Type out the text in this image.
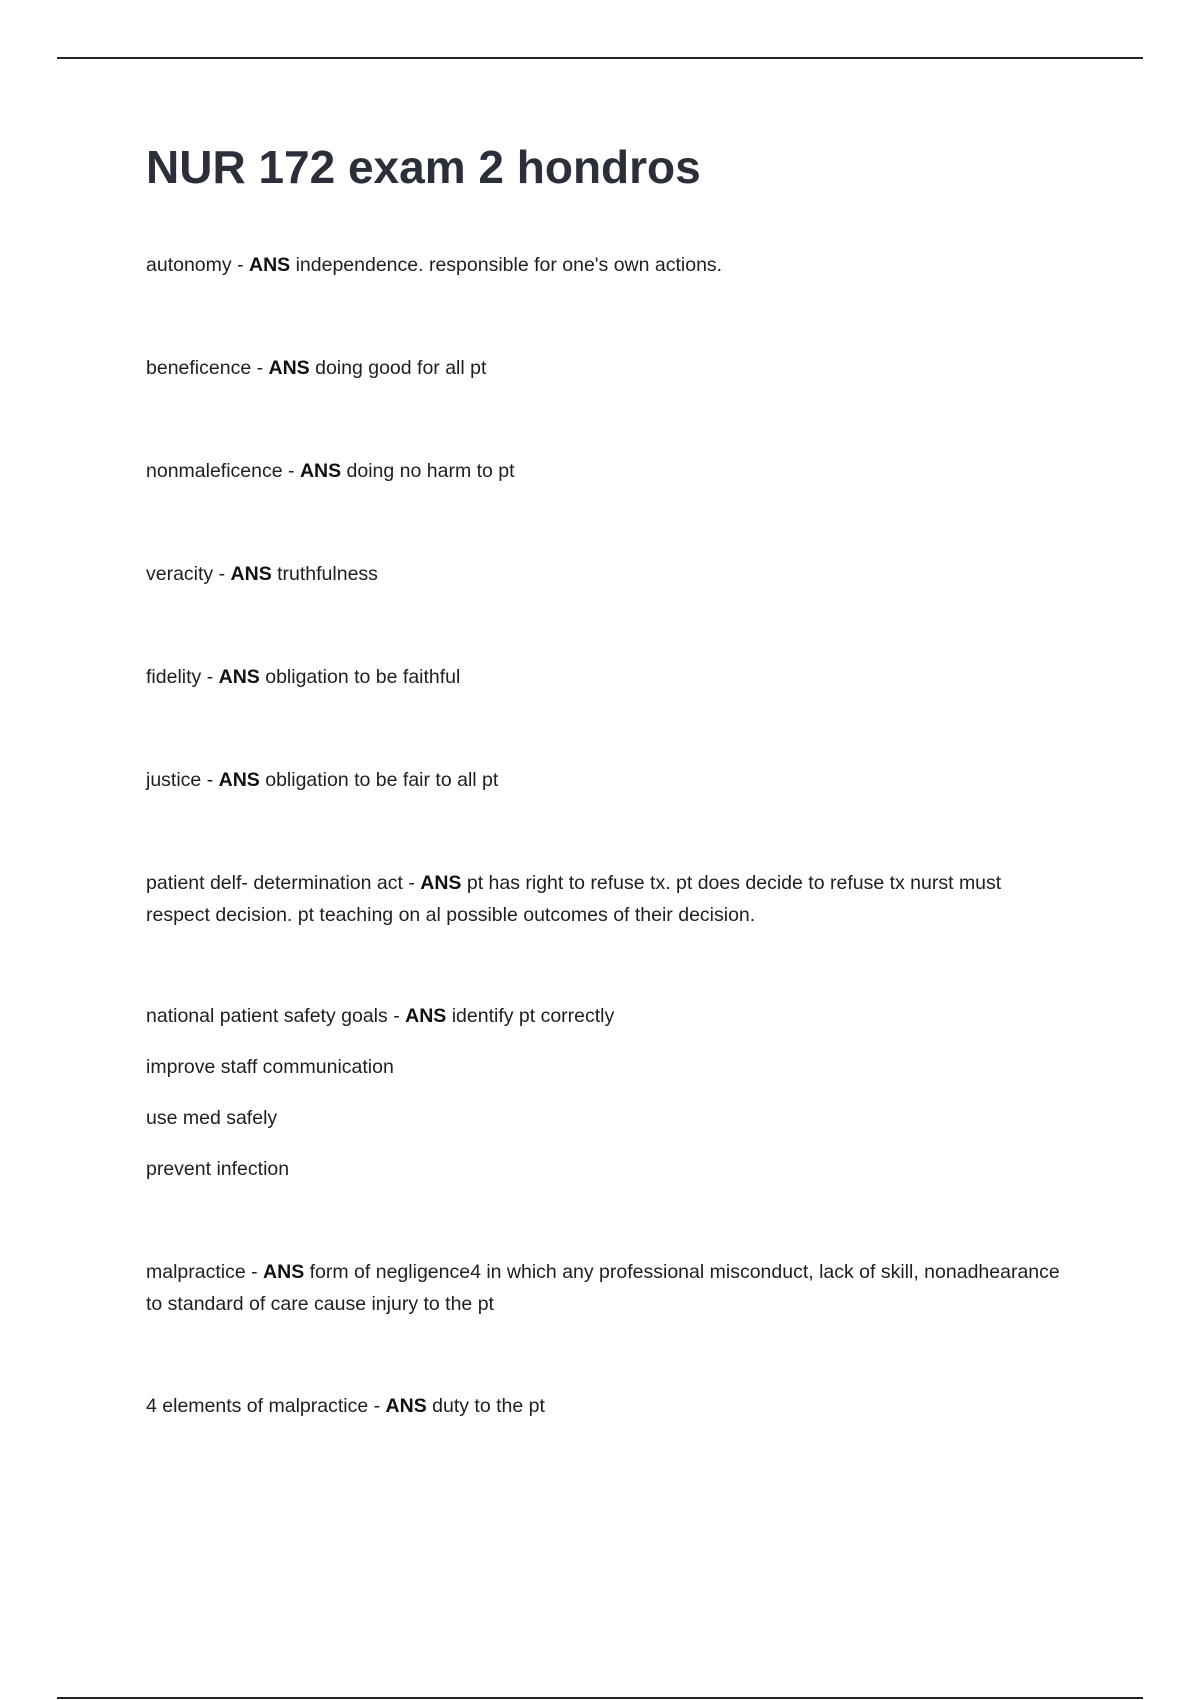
NUR 172 exam 2 hondros
autonomy - ANS independence. responsible for one's own actions.
beneficence - ANS doing good for all pt
nonmaleficence - ANS doing no harm to pt
veracity - ANS truthfulness
fidelity - ANS obligation to be faithful
justice - ANS obligation to be fair to all pt
patient delf- determination act - ANS pt has right to refuse tx. pt does decide to refuse tx nurst must respect decision. pt teaching on al possible outcomes of their decision.
national patient safety goals - ANS identify pt correctly
improve staff communication
use med safely
prevent infection
malpractice - ANS form of negligence4 in which any professional misconduct, lack of skill, nonadhearance to standard of care cause injury to the pt
4 elements of malpractice - ANS duty to the pt
